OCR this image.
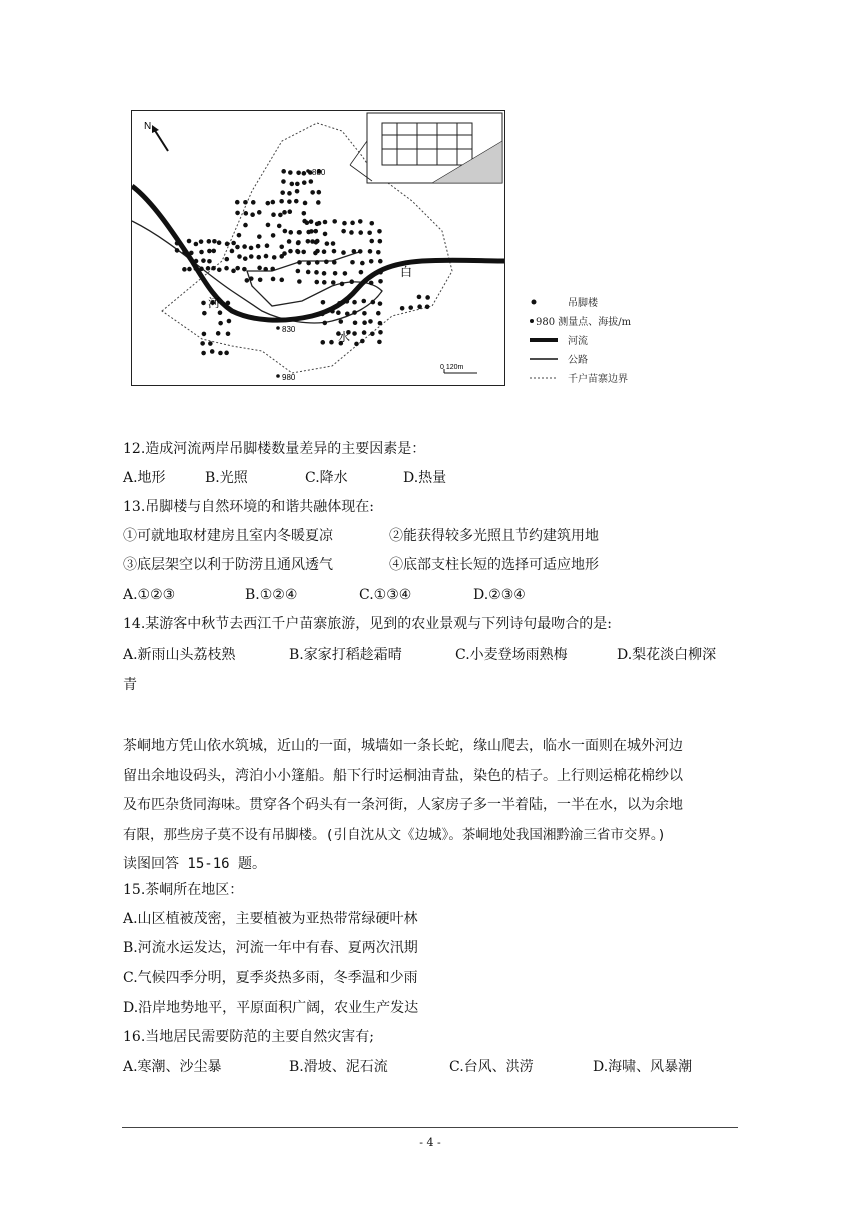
N
880
830
980
白
河
水
0 120m
吊脚楼
980 测量点、海拔/m
河流
公路
千户苗寨边界
12.造成河流两岸吊脚楼数量差异的主要因素是：
A.地形	B.光照	C.降水	D.热量
13.吊脚楼与自然环境的和谐共融体现在:
①可就地取材建房且室内冬暖夏凉	②能获得较多光照且节约建筑用地
③底层架空以利于防涝且通风透气	④底部支柱长短的选择可适应地形
A.①②③	B.①②④	C.①③④	D.②③④
14.某游客中秋节去西江千户苗寨旅游，见到的农业景观与下列诗句最吻合的是:
A.新雨山头荔枝熟	B.家家打稻趁霜晴	C.小麦登场雨熟梅	D.梨花淡白柳深
青
茶峒地方凭山依水筑城，近山的一面，城墙如一条长蛇，缘山爬去，临水一面则在城外河边
留出余地设码头，湾泊小小篷船。船下行时运桐油青盐，染色的桔子。上行则运棉花棉纱以
及布匹杂货同海味。贯穿各个码头有一条河街，人家房子多一半着陆，一半在水，以为余地
有限，那些房子莫不设有吊脚楼。(引自沈从文《边城》。茶峒地处我国湘黔渝三省市交界。)
读图回答 15-16 题。
15.茶峒所在地区：
A.山区植被茂密，主要植被为亚热带常绿硬叶林
B.河流水运发达，河流一年中有春、夏两次汛期
C.气候四季分明，夏季炎热多雨，冬季温和少雨
D.沿岸地势地平，平原面积广阔，农业生产发达
16.当地居民需要防范的主要自然灾害有;
A.寒潮、沙尘暴	B.滑坡、泥石流	C.台风、洪涝	D.海啸、风暴潮
- 4 -
